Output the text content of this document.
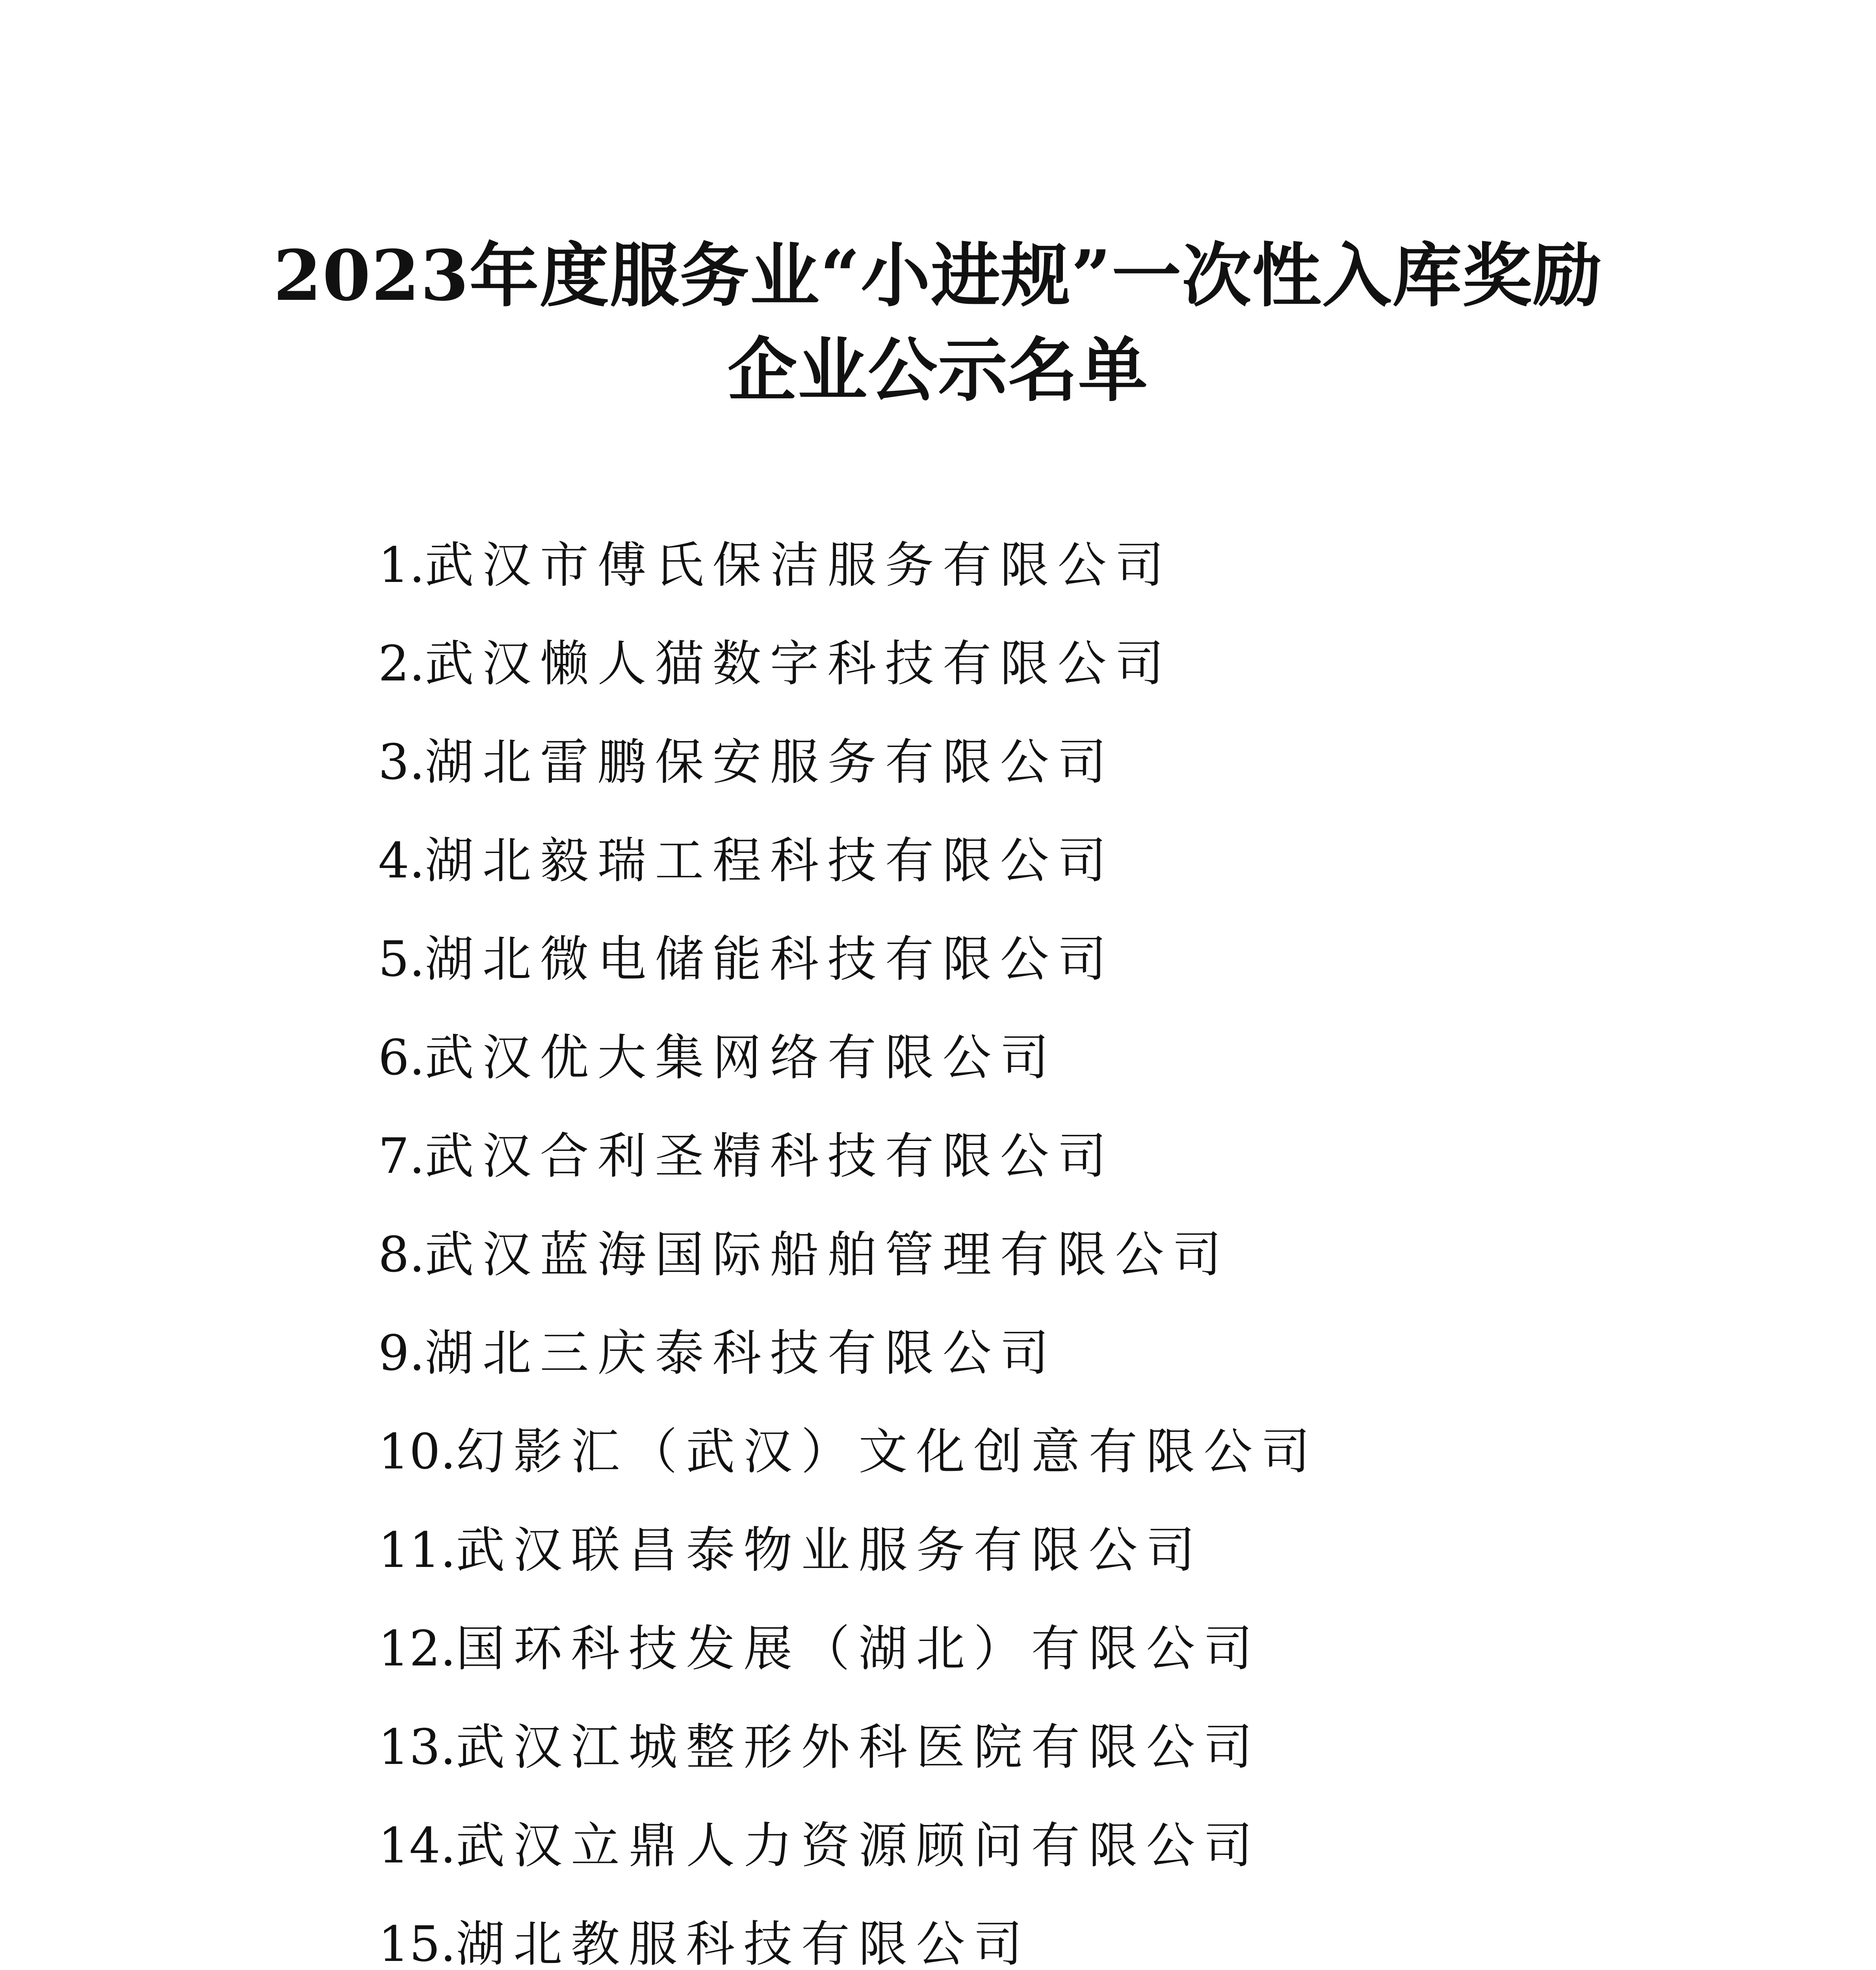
2023年度服务业“小进规”一次性入库奖励
企业公示名单
1.武汉市傅氏保洁服务有限公司
2.武汉懒人猫数字科技有限公司
3.湖北雷鹏保安服务有限公司
4.湖北毅瑞工程科技有限公司
5.湖北微电储能科技有限公司
6.武汉优大集网络有限公司
7.武汉合利圣精科技有限公司
8.武汉蓝海国际船舶管理有限公司
9.湖北三庆泰科技有限公司
10.幻影汇（武汉）文化创意有限公司
11.武汉联昌泰物业服务有限公司
12.国环科技发展（湖北）有限公司
13.武汉江城整形外科医院有限公司
14.武汉立鼎人力资源顾问有限公司
15.湖北教服科技有限公司
